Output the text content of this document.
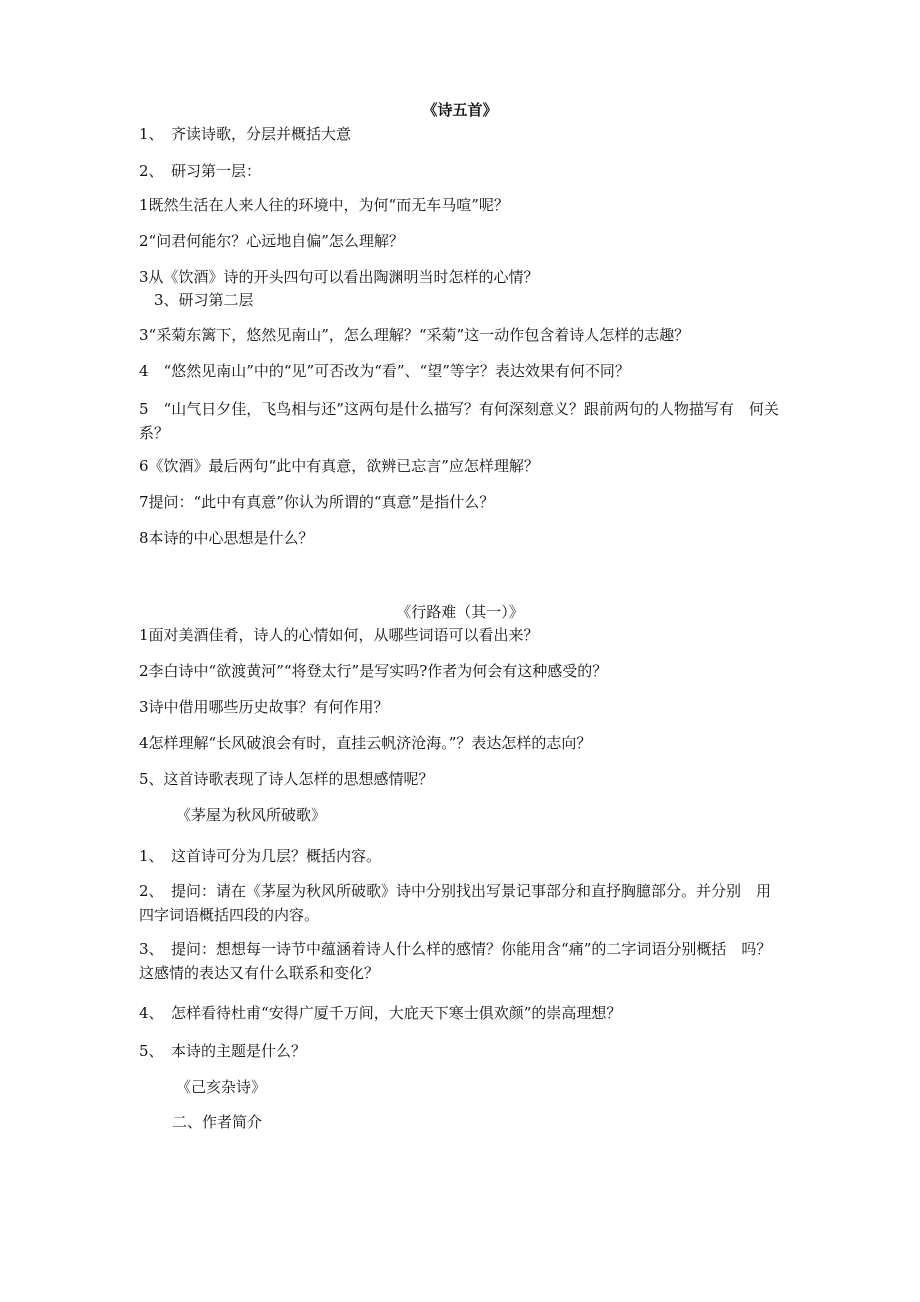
《诗五首》
1、　齐读诗歌，分层并概括大意
2、　研习第一层：
1既然生活在人来人往的环境中，为何“而无车马喧”呢？
2“问君何能尔？心远地自偏”怎么理解？
3从《饮酒》诗的开头四句可以看出陶渊明当时怎样的心情？
3、研习第二层
3“采菊东篱下，悠然见南山”，怎么理解？“采菊”这一动作包含着诗人怎样的志趣？
4　“悠然见南山”中的“见”可否改为“看”、“望”等字？表达效果有何不同？
5　“山气日夕佳，飞鸟相与还”这两句是什么描写？有何深刻意义？跟前两句的人物描写有　何关系？
6《饮酒》最后两句“此中有真意，欲辨已忘言”应怎样理解？
7提问：“此中有真意”你认为所谓的“真意”是指什么？
8本诗的中心思想是什么？
《行路难（其一）》
1面对美酒佳肴，诗人的心情如何，从哪些词语可以看出来？
2李白诗中“欲渡黄河”“将登太行”是写实吗?作者为何会有这种感受的？
3诗中借用哪些历史故事？有何作用？
4怎样理解“长风破浪会有时，直挂云帆济沧海。”？表达怎样的志向？
5、这首诗歌表现了诗人怎样的思想感情呢？
《茅屋为秋风所破歌》
1、　这首诗可分为几层？概括内容。
2、　提问：请在《茅屋为秋风所破歌》诗中分别找出写景记事部分和直抒胸臆部分。并分别　用四字词语概括四段的内容。
3、　提问：想想每一诗节中蕴涵着诗人什么样的感情？你能用含“痛”的二字词语分别概括　吗？这感情的表达又有什么联系和变化？
4、　怎样看待杜甫“安得广厦千万间，大庇天下寒士俱欢颜”的崇高理想？
5、　本诗的主题是什么？
《己亥杂诗》
二、作者简介
